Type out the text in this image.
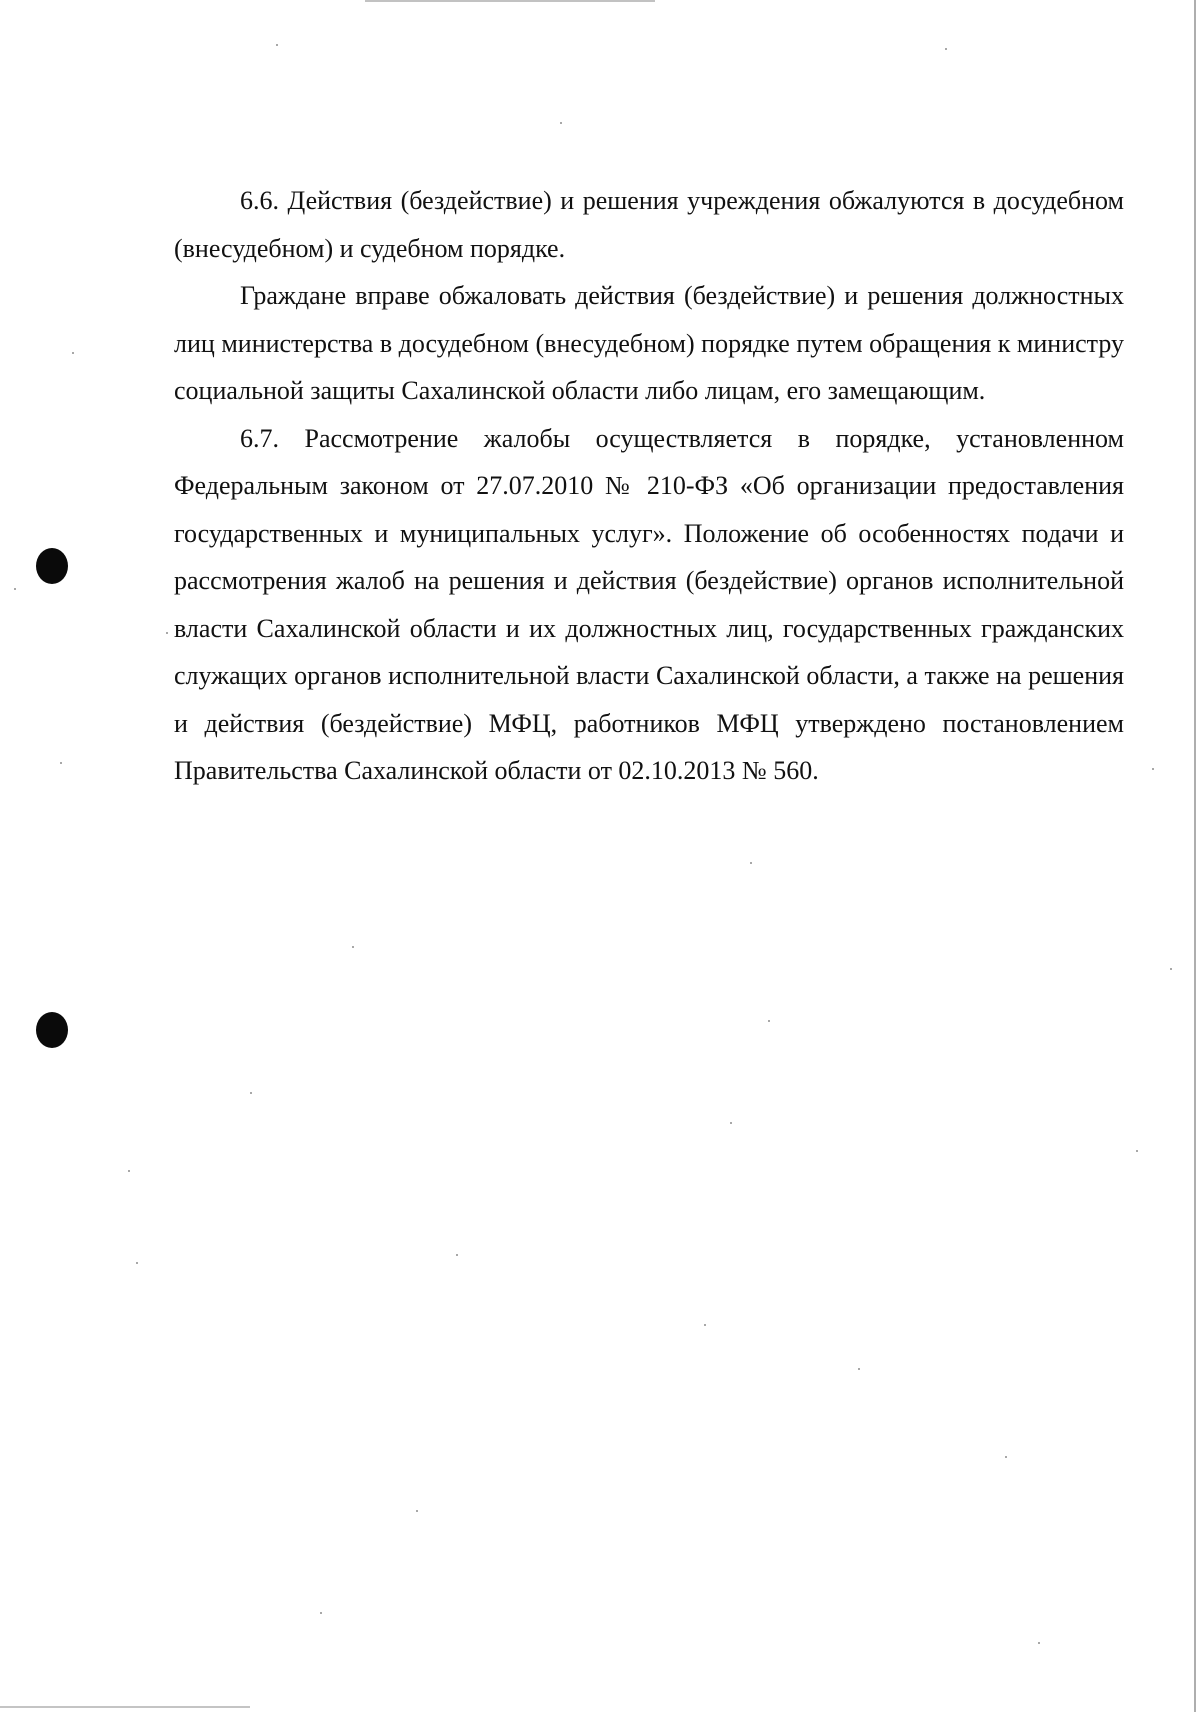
6.6. Действия (бездействие) и решения учреждения обжалуются в досудебном (внесудебном) и судебном порядке.

Граждане вправе обжаловать действия (бездействие) и решения должностных лиц министерства в досудебном (внесудебном) порядке путем обращения к министру социальной защиты Сахалинской области либо лицам, его замещающим.

6.7. Рассмотрение жалобы осуществляется в порядке, установленном Федеральным законом от 27.07.2010 № 210-ФЗ «Об организации предоставления государственных и муниципальных услуг». Положение об особенностях подачи и рассмотрения жалоб на решения и действия (бездействие) органов исполнительной власти Сахалинской области и их должностных лиц, государственных гражданских служащих органов исполнительной власти Сахалинской области, а также на решения и действия (бездействие) МФЦ, работников МФЦ утверждено постановлением Правительства Сахалинской области от 02.10.2013 № 560.
